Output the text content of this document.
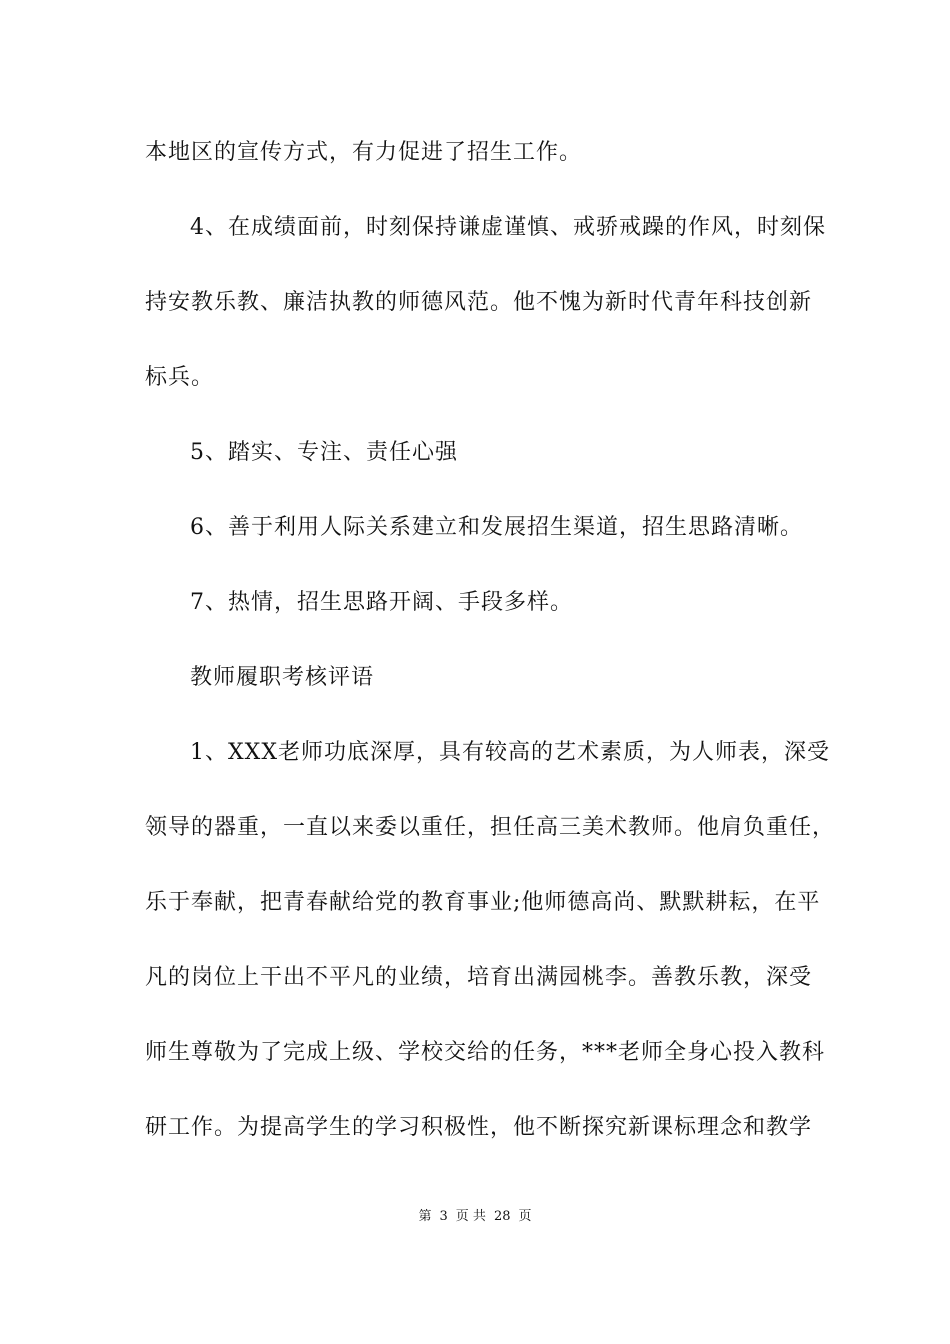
本地区的宣传方式，有力促进了招生工作。
4、在成绩面前，时刻保持谦虚谨慎、戒骄戒躁的作风，时刻保
持安教乐教、廉洁执教的师德风范。他不愧为新时代青年科技创新
标兵。
5、踏实、专注、责任心强
6、善于利用人际关系建立和发展招生渠道，招生思路清晰。
7、热情，招生思路开阔、手段多样。
教师履职考核评语
1、XXX老师功底深厚，具有较高的艺术素质，为人师表，深受
领导的器重，一直以来委以重任，担任高三美术教师。他肩负重任，
乐于奉献，把青春献给党的教育事业;他师德高尚、默默耕耘，在平
凡的岗位上干出不平凡的业绩，培育出满园桃李。善教乐教，深受
师生尊敬为了完成上级、学校交给的任务，***老师全身心投入教科
研工作。为提高学生的学习积极性，他不断探究新课标理念和教学
第 3 页 共 28 页
